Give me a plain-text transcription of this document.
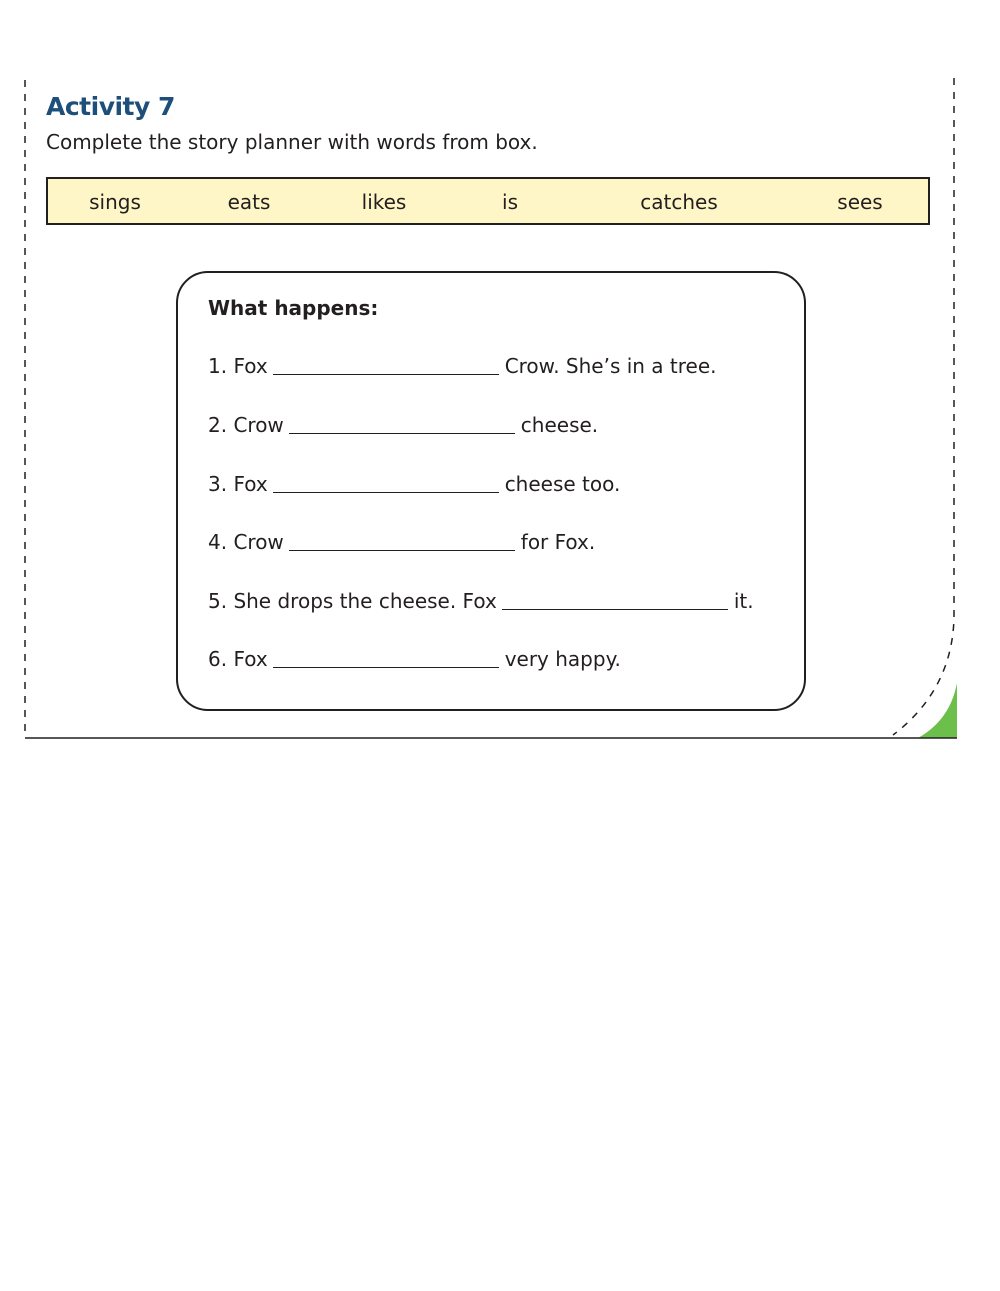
Activity 7
Complete the story planner with words from box.
sings	eats	likes	is	catches	sees
What happens:
1. Fox	Crow. She’s in a tree.
2. Crow	cheese.
3. Fox	cheese too.
4. Crow	for Fox.
5. She drops the cheese. Fox	it.
6. Fox	very happy.
